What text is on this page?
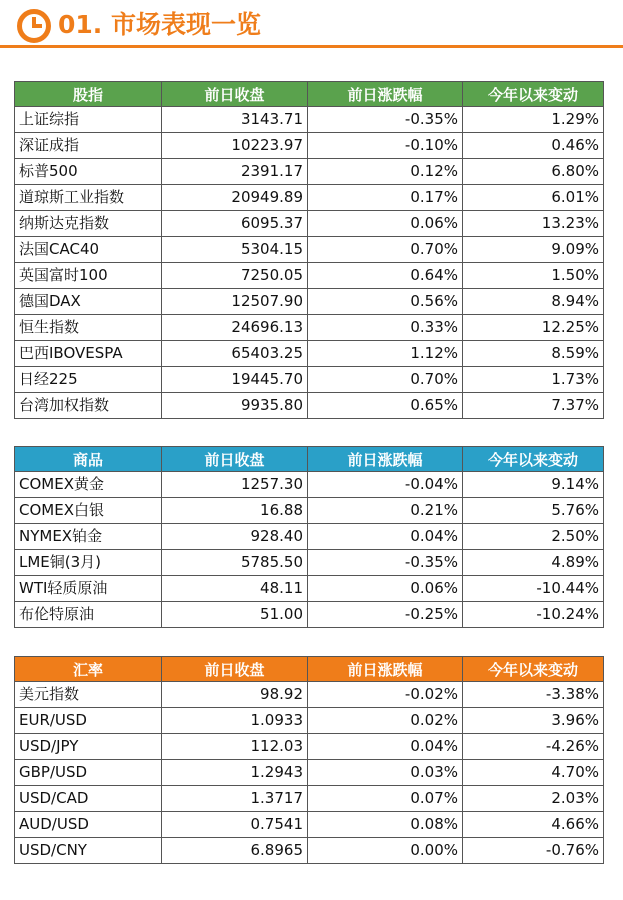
01. 市场表现一览
股指	前日收盘	前日涨跌幅	今年以来变动
上证综指	3143.71	-0.35%	1.29%
深证成指	10223.97	-0.10%	0.46%
标普500	2391.17	0.12%	6.80%
道琼斯工业指数	20949.89	0.17%	6.01%
纳斯达克指数	6095.37	0.06%	13.23%
法国CAC40	5304.15	0.70%	9.09%
英国富时100	7250.05	0.64%	1.50%
德国DAX	12507.90	0.56%	8.94%
恒生指数	24696.13	0.33%	12.25%
巴西IBOVESPA	65403.25	1.12%	8.59%
日经225	19445.70	0.70%	1.73%
台湾加权指数	9935.80	0.65%	7.37%
商品	前日收盘	前日涨跌幅	今年以来变动
COMEX黄金	1257.30	-0.04%	9.14%
COMEX白银	16.88	0.21%	5.76%
NYMEX铂金	928.40	0.04%	2.50%
LME铜(3月)	5785.50	-0.35%	4.89%
WTI轻质原油	48.11	0.06%	-10.44%
布伦特原油	51.00	-0.25%	-10.24%
汇率	前日收盘	前日涨跌幅	今年以来变动
美元指数	98.92	-0.02%	-3.38%
EUR/USD	1.0933	0.02%	3.96%
USD/JPY	112.03	0.04%	-4.26%
GBP/USD	1.2943	0.03%	4.70%
USD/CAD	1.3717	0.07%	2.03%
AUD/USD	0.7541	0.08%	4.66%
USD/CNY	6.8965	0.00%	-0.76%
